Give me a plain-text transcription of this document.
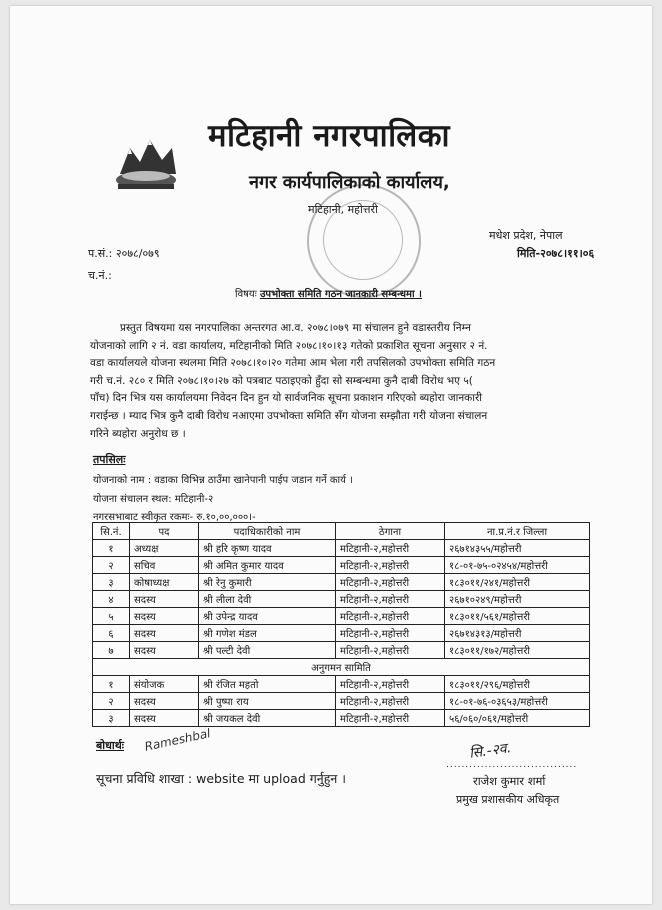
मटिहानी नगरपालिका
नगर कार्यपालिकाको कार्यालय,
मटिहानी, महोत्तरी
मधेश प्रदेश, नेपाल
मिति-२०७८।११।०६
प.सं.: २०७८/०७९
च.नं.:
विषयः उपभोक्ता समिति गठन जानकारी सम्बन्धमा ।
प्रस्तुत विषयमा यस नगरपालिका अन्तरगत आ.व. २०७८।०७९ मा संचालन हुने वडास्तरीय निम्न
योजनाको लागि २ नं. वडा कार्यालय, मटिहानीको मिति २०७८।१०।१३ गतेको प्रकाशित सूचना अनुसार २ नं.
वडा कार्यालयले योजना स्थलमा मिति २०७८।१०।२० गतेमा आम भेला गरी तपसिलको उपभोक्ता समिति गठन
गरी च.नं. २८० र मिति २०७८।१०।२७ को पत्रबाट पठाइएको हुँदा सो सम्बन्धमा कुनै दाबी विरोध भए ५(
पाँच) दिन भित्र यस कार्यालयमा निवेदन दिन हुन यो सार्वजनिक सूचना प्रकाशन गरिएको ब्यहोरा जानकारी
गराईन्छ । म्याद भित्र कुनै दाबी विरोध नआएमा उपभोक्ता समिति सँग योजना सम्झौता गरी योजना संचालन
गरिने ब्यहोरा अनुरोध छ ।
तपसिलः
योजनाको नाम : वडाका विभिन्न ठाउँमा खानेपानी पाईप जडान गर्ने कार्य ।
योजना संचालन स्थल: मटिहानी-२
नगरसभाबाट स्वीकृत रकमः- रु.१०,००,०००।-
सि.नं.	पद	पदाधिकारीको नाम	ठेगाना	ना.प्र.नं.र जिल्ला
१	अध्यक्ष	श्री हरि कृष्ण यादव	मटिहानी-२,महोत्तरी	२६७१४३५५/महोत्तरी
२	सचिव	श्री अमित कुमार यादव	मटिहानी-२,महोत्तरी	१८-०१-७५-०२४५४/महोत्तरी
३	कोषाध्यक्ष	श्री रेनु कुमारी	मटिहानी-२,महोत्तरी	१८३०११/२४१/महोत्तरी
४	सदस्य	श्री लीला देवी	मटिहानी-२,महोत्तरी	२६७१०२४९/महोत्तरी
५	सदस्य	श्री उपेन्द्र यादव	मटिहानी-२,महोत्तरी	१८३०११/५६१/महोत्तरी
६	सदस्य	श्री गणेश मंडल	मटिहानी-२,महोत्तरी	२६७१४३१३/महोत्तरी
७	सदस्य	श्री पल्टी देवी	मटिहानी-२,महोत्तरी	१८३०११/१७२/महोत्तरी
अनुगमन सामिति				
१	संयोजक	श्री रंजित महतो	मटिहानी-२,महोत्तरी	१८३०११/२९६/महोत्तरी
२	सदस्य	श्री पुष्पा राय	मटिहानी-२,महोत्तरी	१८-०१-७६-०३६५३/महोत्तरी
३	सदस्य	श्री जयकल देवी	मटिहानी-२,महोत्तरी	५६/०६०/०६१/महोत्तरी
बोधार्थः Rameshbal
सूचना प्रविधि शाखा : website मा upload गर्नुहुन ।
सि.-२व.
..................................
राजेश कुमार शर्मा
प्रमुख प्रशासकीय अधिकृत
